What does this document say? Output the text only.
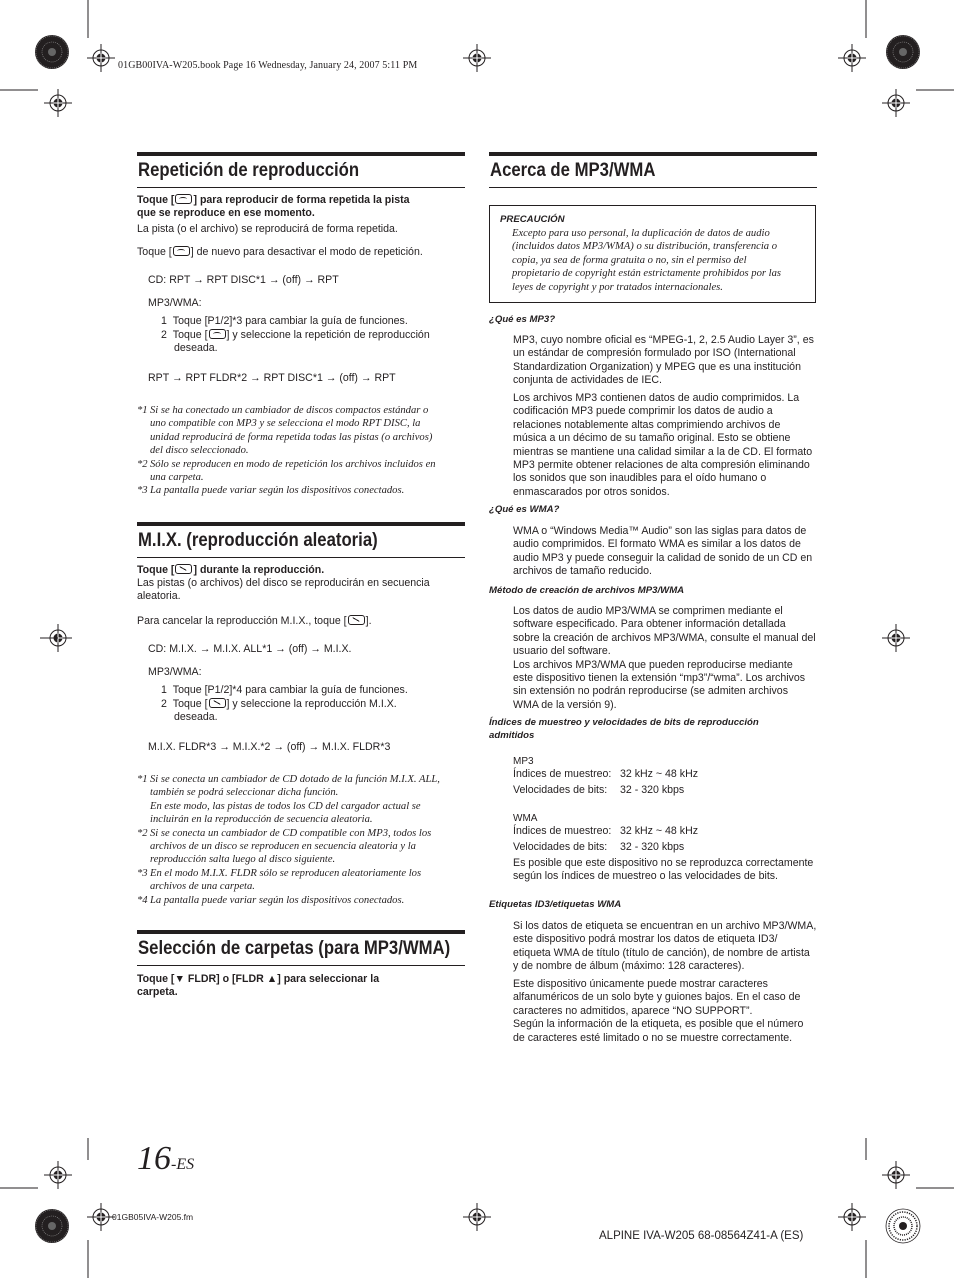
01GB00IVA-W205.book Page 16 Wednesday, January 24, 2007 5:11 PM
Repetición de reproducción
Toque [ ] para reproducir de forma repetida la pista
que se reproduce en ese momento.
La pista (o el archivo) se reproducirá de forma repetida.
Toque [ ] de nuevo para desactivar el modo de repetición.
CD: RPT → RPT DISC*1 → (off) → RPT
MP3/WMA:
1 Toque [P1/2]*3 para cambiar la guía de funciones.
2 Toque [ ] y seleccione la repetición de reproducción
deseada.
RPT → RPT FLDR*2 → RPT DISC*1 → (off) → RPT
*1 Si se ha conectado un cambiador de discos compactos estándar o
uno compatible con MP3 y se selecciona el modo RPT DISC, la
unidad reproducirá de forma repetida todas las pistas (o archivos)
del disco seleccionado.
*2 Sólo se reproducen en modo de repetición los archivos incluidos en
una carpeta.
*3 La pantalla puede variar según los dispositivos conectados.
M.I.X. (reproducción aleatoria)
Toque [ ] durante la reproducción.
Las pistas (o archivos) del disco se reproducirán en secuencia
aleatoria.
Para cancelar la reproducción M.I.X., toque [ ].
CD: M.I.X. → M.I.X. ALL*1 → (off) → M.I.X.
MP3/WMA:
1 Toque [P1/2]*4 para cambiar la guía de funciones.
2 Toque [ ] y seleccione la reproducción M.I.X.
deseada.
M.I.X. FLDR*3 → M.I.X.*2 → (off) → M.I.X. FLDR*3
*1 Si se conecta un cambiador de CD dotado de la función M.I.X. ALL,
también se podrá seleccionar dicha función.
En este modo, las pistas de todos los CD del cargador actual se
incluirán en la reproducción de secuencia aleatoria.
*2 Si se conecta un cambiador de CD compatible con MP3, todos los
archivos de un disco se reproducen en secuencia aleatoria y la
reproducción salta luego al disco siguiente.
*3 En el modo M.I.X. FLDR sólo se reproducen aleatoriamente los
archivos de una carpeta.
*4 La pantalla puede variar según los dispositivos conectados.
Selección de carpetas (para MP3/WMA)
Toque [▼ FLDR] o [FLDR ▲] para seleccionar la
carpeta.
Acerca de MP3/WMA
PRECAUCIÓN
Excepto para uso personal, la duplicación de datos de audio
(incluidos datos MP3/WMA) o su distribución, transferencia o
copia, ya sea de forma gratuita o no, sin el permiso del
propietario de copyright están estrictamente prohibidos por las
leyes de copyright y por tratados internacionales.
¿Qué es MP3?
MP3, cuyo nombre oficial es “MPEG-1, 2, 2.5 Audio Layer 3”, es
un estándar de compresión formulado por ISO (International
Standardization Organization) y MPEG que es una institución
conjunta de actividades de IEC.
Los archivos MP3 contienen datos de audio comprimidos. La
codificación MP3 puede comprimir los datos de audio a
relaciones notablemente altas comprimiendo archivos de
música a un décimo de su tamaño original. Esto se obtiene
mientras se mantiene una calidad similar a la de CD. El formato
MP3 permite obtener relaciones de alta compresión eliminando
los sonidos que son inaudibles para el oído humano o
enmascarados por otros sonidos.
¿Qué es WMA?
WMA o “Windows Media™ Audio” son las siglas para datos de
audio comprimidos. El formato WMA es similar a los datos de
audio MP3 y puede conseguir la calidad de sonido de un CD en
archivos de tamaño reducido.
Método de creación de archivos MP3/WMA
Los datos de audio MP3/WMA se comprimen mediante el
software especificado. Para obtener información detallada
sobre la creación de archivos MP3/WMA, consulte el manual del
usuario del software.
Los archivos MP3/WMA que pueden reproducirse mediante
este dispositivo tienen la extensión “mp3”/“wma”. Los archivos
sin extensión no podrán reproducirse (se admiten archivos
WMA de la versión 9).
Índices de muestreo y velocidades de bits de reproducción
admitidos
MP3
Índices de muestreo: 32 kHz ~ 48 kHz
Velocidades de bits: 32 - 320 kbps
WMA
Índices de muestreo: 32 kHz ~ 48 kHz
Velocidades de bits: 32 - 320 kbps
Es posible que este dispositivo no se reproduzca correctamente
según los índices de muestreo o las velocidades de bits.
Etiquetas ID3/etiquetas WMA
Si los datos de etiqueta se encuentran en un archivo MP3/WMA,
este dispositivo podrá mostrar los datos de etiqueta ID3/
etiqueta WMA de título (título de canción), de nombre de artista
y de nombre de álbum (máximo: 128 caracteres).
Este dispositivo únicamente puede mostrar caracteres
alfanuméricos de un solo byte y guiones bajos. En el caso de
caracteres no admitidos, aparece “NO SUPPORT”.
Según la información de la etiqueta, es posible que el número
de caracteres esté limitado o no se muestre correctamente.
16-ES
01GB05IVA-W205.fm
ALPINE IVA-W205 68-08564Z41-A (ES)
